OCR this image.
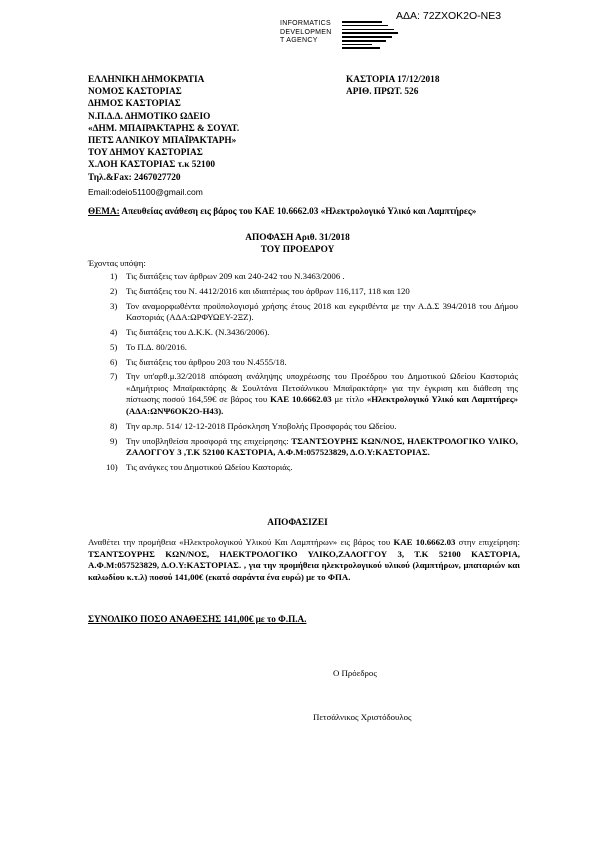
ΑΔΑ: 72ΖΧΟΚ2Ο-ΝΕ3
INFORMATICS
DEVELOPMEN
T AGENCY
ΕΛΛΗΝΙΚΗ ΔΗΜΟΚΡΑΤΙΑ
ΝΟΜΟΣ ΚΑΣΤΟΡΙΑΣ
ΔΗΜΟΣ ΚΑΣΤΟΡΙΑΣ
Ν.Π.Δ.Δ. ΔΗΜΟΤΙΚΟ ΩΔΕΙΟ
«ΔΗΜ. ΜΠΑΙΡΑΚΤΑΡΗΣ & ΣΟΥΛΤ.
ΠΕΤΣ ΑΛΝΙΚΟΥ ΜΠΑΪΡΑΚΤΑΡΗ»
ΤΟΥ ΔΗΜΟΥ ΚΑΣΤΟΡΙΑΣ
Χ.ΛΟΗ ΚΑΣΤΟΡΙΑΣ τ.κ 52100
Τηλ.&Fax: 2467027720
Email:odeio51100@gmail.com
ΚΑΣΤΟΡΙΑ 17/12/2018
ΑΡΙΘ. ΠΡΩΤ. 526
ΘΕΜΑ: Απευθείας ανάθεση εις βάρος του ΚΑΕ 10.6662.03 «Ηλεκτρολογικό Υλικό και Λαμπτήρες»
ΑΠΟΦΑΣΗ Αριθ. 31/2018
ΤΟΥ ΠΡΟΕΔΡΟΥ
Έχοντας υπόψη:
1) Τις διατάξεις των άρθρων 209 και 240-242 του Ν.3463/2006 .
2) Τις διατάξεις του Ν. 4412/2016 και ιδιαιτέρως του άρθρων 116,117, 118 και 120
3) Τον αναμορφωθέντα προϋπολογισμό χρήσης έτους 2018 και εγκριθέντα με την Α.Δ.Σ 394/2018 του Δήμου Καστοριάς (ΑΔΑ:ΩΡΦΥΩΕΥ-2ΞΖ).
4) Τις διατάξεις του Δ.Κ.Κ. (Ν.3436/2006).
5) Το Π.Δ. 80/2016.
6) Τις διατάξεις του άρθρου 203 του Ν.4555/18.
7) Την υπ'αρθ.μ.32/2018 απόφαση ανάληψης υποχρέωσης του Προέδρου του Δημοτικού Ωδείου Καστοριάς «Δημήτριος Μπαϊρακτάρης & Σουλτάνα Πετσάλνικου Μπαϊρακτάρη» για την έγκριση και διάθεση της πίστωσης ποσού 164,59€ σε βάρος του ΚΑΕ 10.6662.03 με τίτλο «Ηλεκτρολογικό Υλικό και Λαμπτήρες» (ΑΔΑ:ΩΝΨ6ΟΚ2Ο-Η43).
8) Την αρ.πρ. 514/ 12-12-2018 Πρόσκληση Υποβολής Προσφοράς του Ωδείου.
9) Την υποβληθείσα προσφορά της επιχείρησης: ΤΣΑΝΤΣΟΥΡΗΣ ΚΩΝ/ΝΟΣ, ΗΛΕΚΤΡΟΛΟΓΙΚΟ ΥΛΙΚΟ, ΖΑΛΟΓΓΟΥ 3 ,Τ.Κ 52100 ΚΑΣΤΟΡΙΑ, Α.Φ.Μ:057523829, Δ.Ο.Υ:ΚΑΣΤΟΡΙΑΣ.
10) Τις ανάγκες του Δημοτικού Ωδείου Καστοριάς.
ΑΠΟΦΑΣΙΖΕΙ
Αναθέτει την προμήθεια «Ηλεκτρολογικού Υλικού Και Λαμπτήρων» εις βάρος του ΚΑΕ 10.6662.03 στην επιχείρηση: ΤΣΑΝΤΣΟΥΡΗΣ ΚΩΝ/ΝΟΣ, ΗΛΕΚΤΡΟΛΟΓΙΚΟ ΥΛΙΚΟ,ΖΑΛΟΓΓΟΥ 3, Τ.Κ 52100 ΚΑΣΤΟΡΙΑ, Α.Φ.Μ:057523829, Δ.Ο.Υ:ΚΑΣΤΟΡΙΑΣ. , για την προμήθεια ηλεκτρολογικού υλικού (λαμπτήρων, μπαταριών και καλωδίου κ.τ.λ) ποσού 141,00€ (εκατό σαράντα ένα ευρώ) με το ΦΠΑ.
ΣΥΝΟΛΙΚΟ ΠΟΣΟ ΑΝΑΘΕΣΗΣ 141,00€ με το Φ.Π.Α.
Ο Πρόεδρος
Πετσάλνικος Χριστόδουλος
